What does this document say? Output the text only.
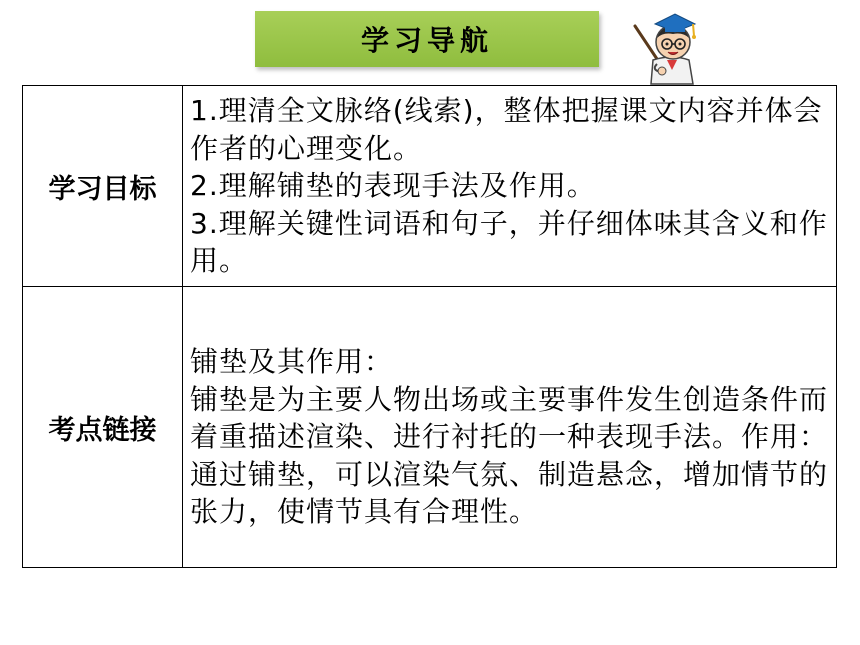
学习导航
学习目标	1.理清全文脉络(线索)，整体把握课文内容并体会作者的心理变化。

2.理解铺垫的表现手法及作用。

3.理解关键性词语和句子，并仔细体味其含义和作用。

考点链接	铺垫及其作用：

铺垫是为主要人物出场或主要事件发生创造条件而着重描述渲染、进行衬托的一种表现手法。作用：通过铺垫，可以渲染气氛、制造悬念，增加情节的张力，使情节具有合理性。
